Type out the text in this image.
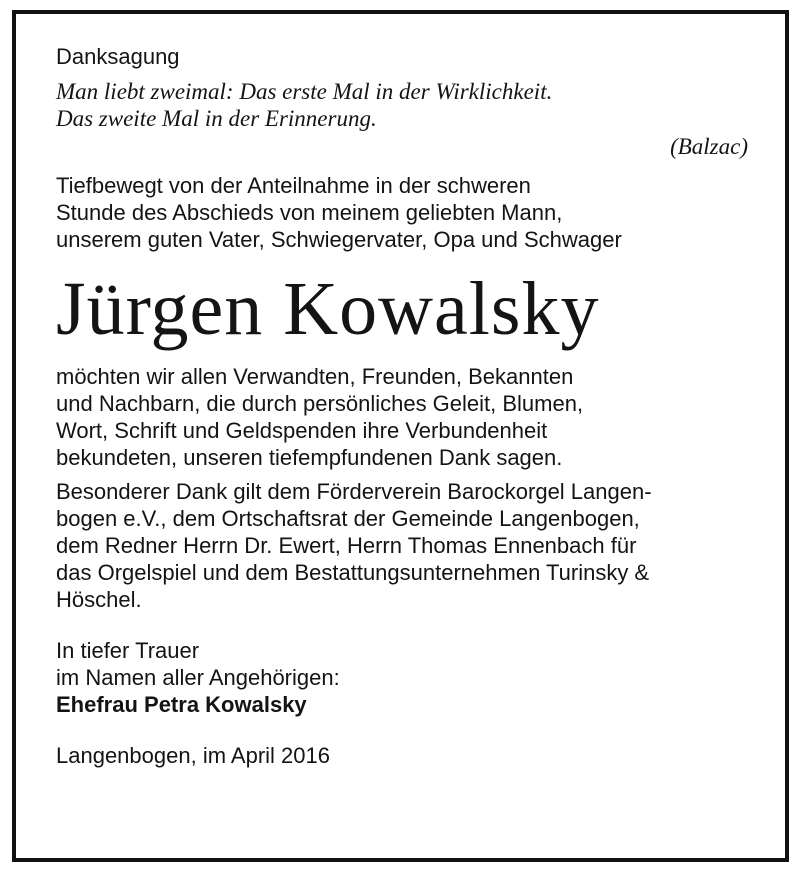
Danksagung
Man liebt zweimal: Das erste Mal in der Wirklichkeit.
Das zweite Mal in der Erinnerung.
(Balzac)
Tiefbewegt von der Anteilnahme in der schweren
Stunde des Abschieds von meinem geliebten Mann,
unserem guten Vater, Schwiegervater, Opa und Schwager
Jürgen Kowalsky
möchten wir allen Verwandten, Freunden, Bekannten
und Nachbarn, die durch persönliches Geleit, Blumen,
Wort, Schrift und Geldspenden ihre Verbundenheit
bekundeten, unseren tiefempfundenen Dank sagen.
Besonderer Dank gilt dem Förderverein Barockorgel Langen-
bogen e.V., dem Ortschaftsrat der Gemeinde Langenbogen,
dem Redner Herrn Dr. Ewert, Herrn Thomas Ennenbach für
das Orgelspiel und dem Bestattungsunternehmen Turinsky &
Höschel.
In tiefer Trauer
im Namen aller Angehörigen:
Ehefrau Petra Kowalsky
Langenbogen, im April 2016
